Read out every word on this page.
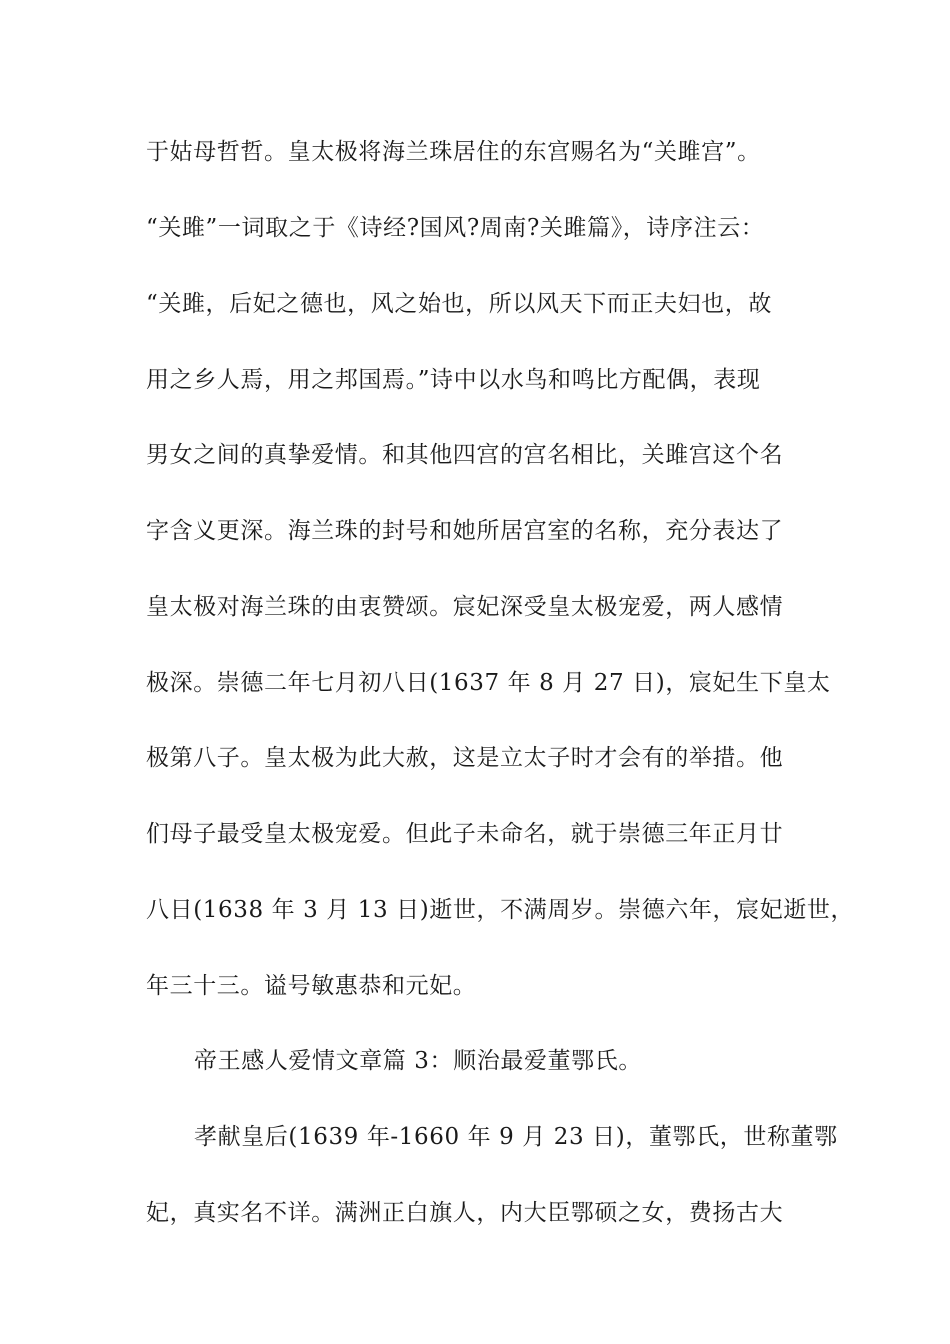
于姑母哲哲。皇太极将海兰珠居住的东宫赐名为“关雎宫”。
“关雎”一词取之于《诗经?国风?周南?关雎篇》，诗序注云：
“关雎，后妃之德也，风之始也，所以风天下而正夫妇也，故
用之乡人焉，用之邦国焉。”诗中以水鸟和鸣比方配偶，表现
男女之间的真挚爱情。和其他四宫的宫名相比，关雎宫这个名
字含义更深。海兰珠的封号和她所居宫室的名称，充分表达了
皇太极对海兰珠的由衷赞颂。宸妃深受皇太极宠爱，两人感情
极深。崇德二年七月初八日(1637 年 8 月 27 日)，宸妃生下皇太
极第八子。皇太极为此大赦，这是立太子时才会有的举措。他
们母子最受皇太极宠爱。但此子未命名，就于崇德三年正月廿
八日(1638 年 3 月 13 日)逝世，不满周岁。崇德六年，宸妃逝世，
年三十三。谥号敏惠恭和元妃。
帝王感人爱情文章篇 3：顺治最爱董鄂氏。
孝献皇后(1639 年-1660 年 9 月 23 日)，董鄂氏，世称董鄂
妃，真实名不详。满洲正白旗人，内大臣鄂硕之女，费扬古大
